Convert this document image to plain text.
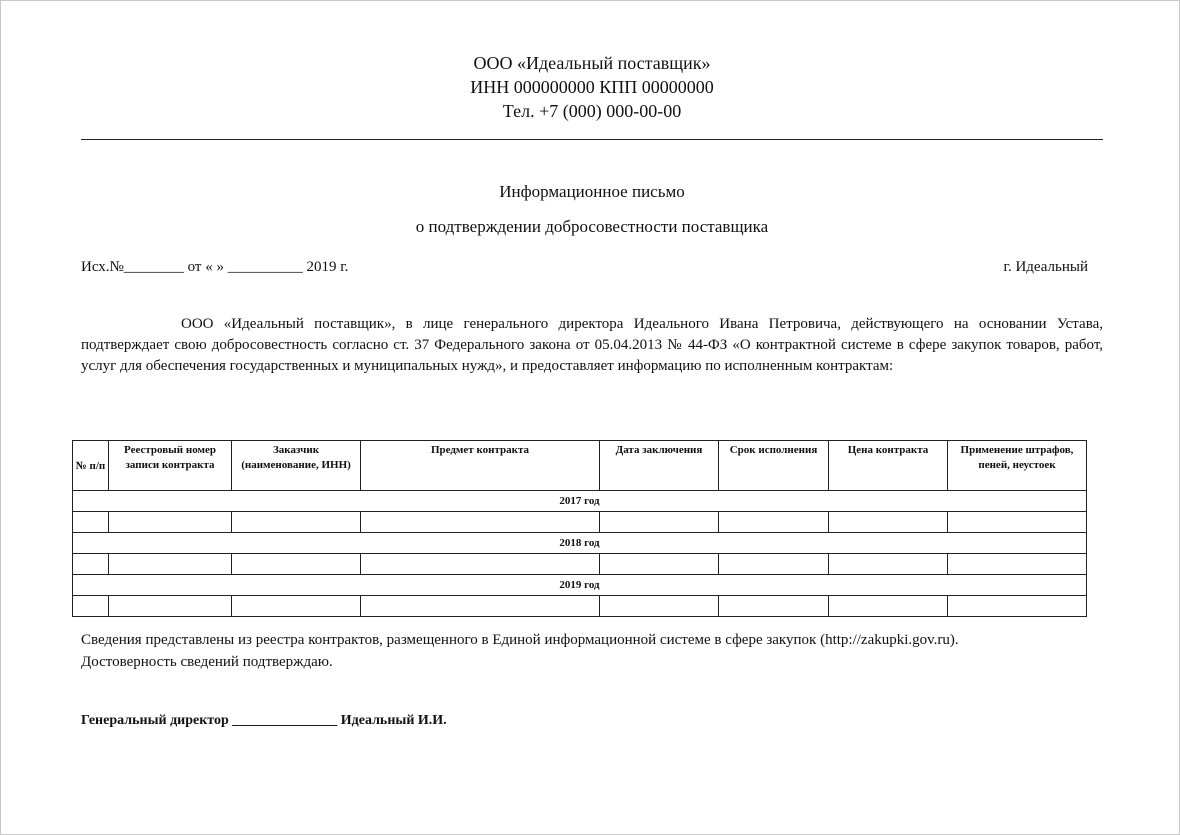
ООО «Идеальный поставщик»
ИНН 000000000 КПП 00000000
Тел. +7 (000) 000-00-00
Информационное письмо
о подтверждении добросовестности поставщика
Исх.№________ от « » __________ 2019 г.	г. Идеальный

ООО «Идеальный поставщик», в лице генерального директора Идеального Ивана Петровича, действующего на основании Устава, подтверждает свою добросовестность согласно ст. 37 Федерального закона от 05.04.2013 № 44-ФЗ «О контрактной системе в сфере закупок товаров, работ, услуг для обеспечения государственных и муниципальных нужд», и предоставляет информацию по исполненным контрактам:

№ п/п	Реестровый номер записи контракта	Заказчик (наименование, ИНН)	Предмет контракта	Дата заключения	Срок исполнения	Цена контракта	Применение штрафов, пеней, неустоек
2017 год							

2018 год							

2019 год							

Сведения представлены из реестра контрактов, размещенного в Единой информационной системе в сфере закупок (http://zakupki.gov.ru).
Достоверность сведений подтверждаю.
Генеральный директор _______________ Идеальный И.И.
